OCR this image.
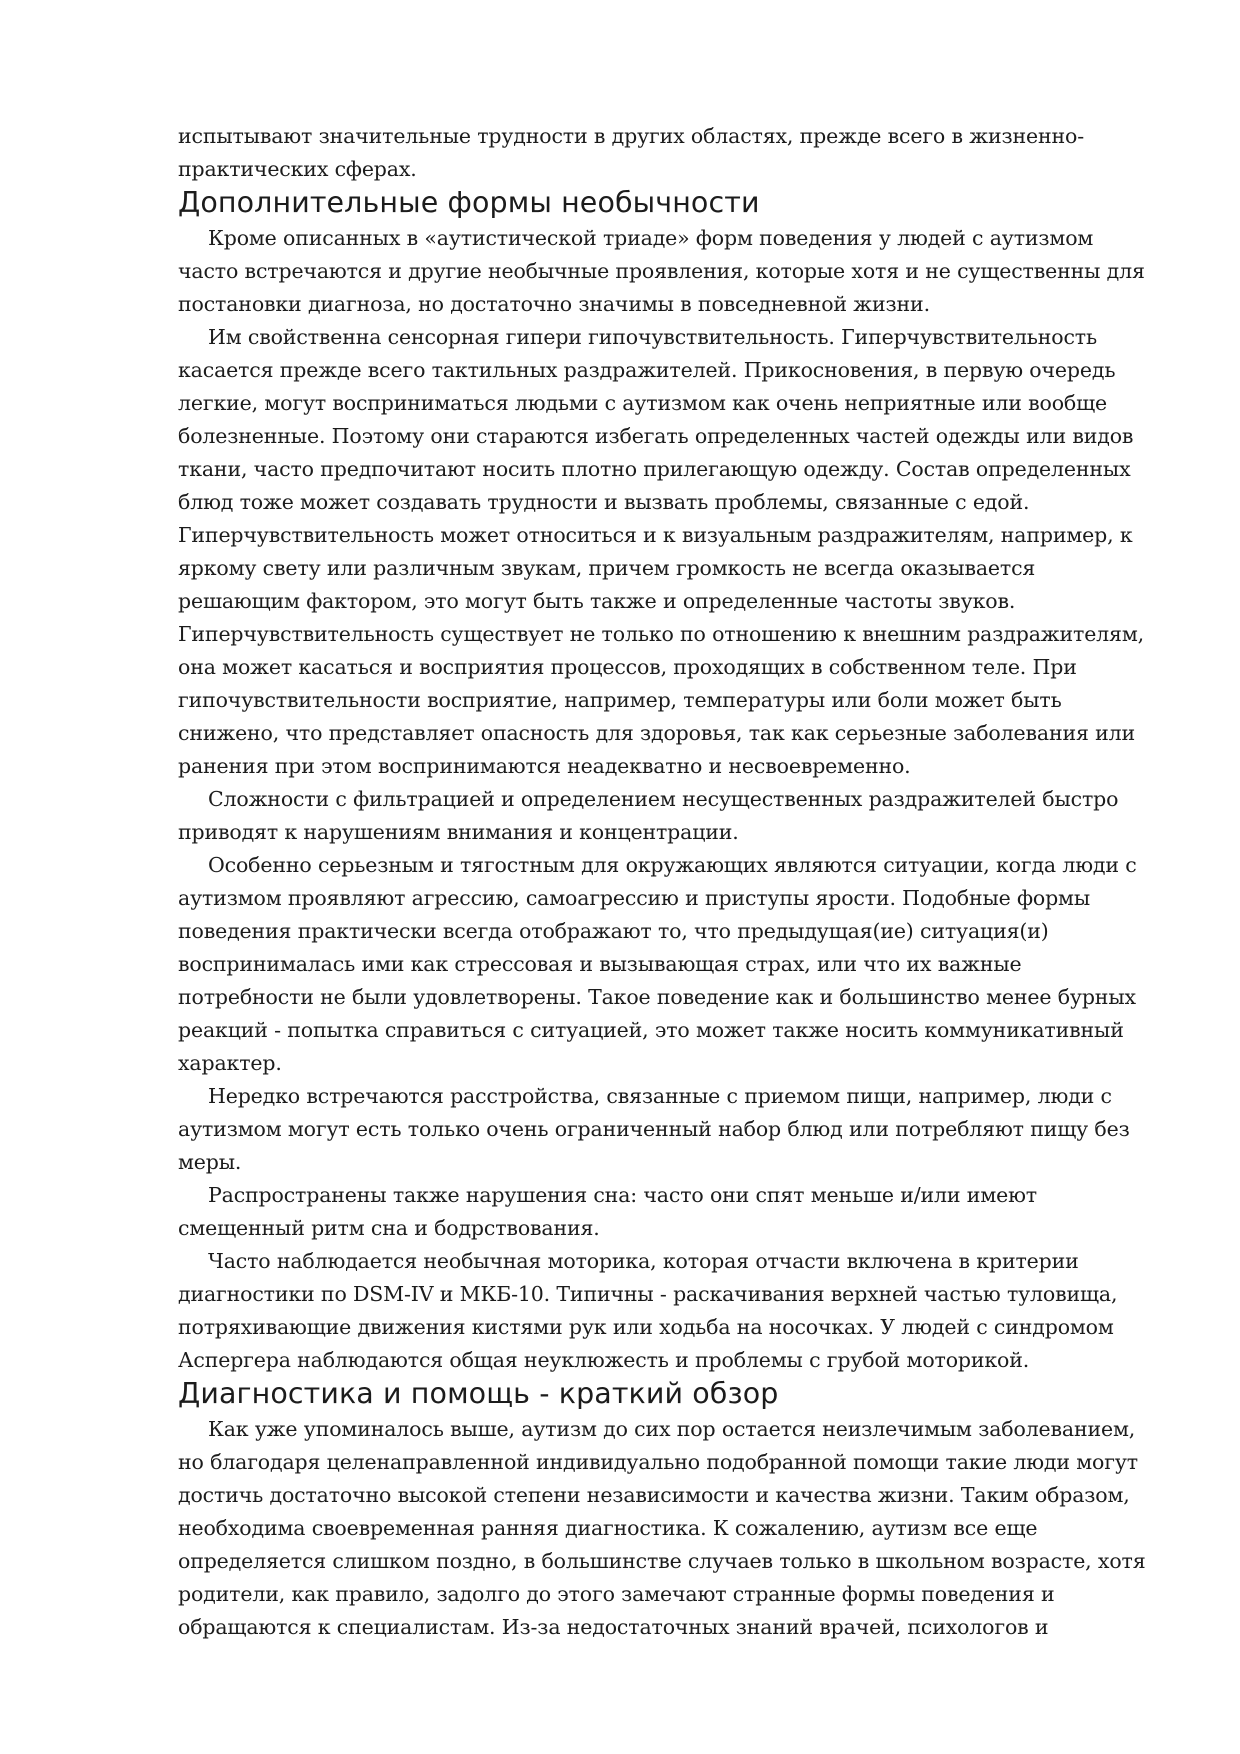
испытывают значительные трудности в других областях, прежде всего в жизненно-практических сферах.

Дополнительные формы необычности

Кроме описанных в «аутистической триаде» форм поведения у людей с аутизмом часто встречаются и другие необычные проявления, которые хотя и не существенны для постановки диагноза, но достаточно значимы в повседневной жизни.

Им свойственна сенсорная гипери гипочувствительность. Гиперчувствительность касается прежде всего тактильных раздражителей. Прикосновения, в первую очередь легкие, могут восприниматься людьми с аутизмом как очень неприятные или вообще болезненные. Поэтому они стараются избегать определенных частей одежды или видов ткани, часто предпочитают носить плотно прилегающую одежду. Состав определенных блюд тоже может создавать трудности и вызвать проблемы, связанные с едой. Гиперчувствительность может относиться и к визуальным раздражителям, например, к яркому свету или различным звукам, причем громкость не всегда оказывается решающим фактором, это могут быть также и определенные частоты звуков. Гиперчувствительность существует не только по отношению к внешним раздражителям, она может касаться и восприятия процессов, проходящих в собственном теле. При гипочувствительности восприятие, например, температуры или боли может быть снижено, что представляет опасность для здоровья, так как серьезные заболевания или ранения при этом воспринимаются неадекватно и несвоевременно.

Сложности с фильтрацией и определением несущественных раздражителей быстро приводят к нарушениям внимания и концентрации.

Особенно серьезным и тягостным для окружающих являются ситуации, когда люди с аутизмом проявляют агрессию, самоагрессию и приступы ярости. Подобные формы поведения практически всегда отображают то, что предыдущая(ие) ситуация(и) воспринималась ими как стрессовая и вызывающая страх, или что их важные потребности не были удовлетворены. Такое поведение как и большинство менее бурных реакций - попытка справиться с ситуацией, это может также носить коммуникативный характер.

Нередко встречаются расстройства, связанные с приемом пищи, например, люди с аутизмом могут есть только очень ограниченный набор блюд или потребляют пищу без меры.

Распространены также нарушения сна: часто они спят меньше и/или имеют смещенный ритм сна и бодрствования.

Часто наблюдается необычная моторика, которая отчасти включена в критерии диагностики по DSM-IV и МКБ-10. Типичны - раскачивания верхней частью туловища, потряхивающие движения кистями рук или ходьба на носочках. У людей с синдромом Аспергера наблюдаются общая неуклюжесть и проблемы с грубой моторикой.

Диагностика и помощь - краткий обзор

Как уже упоминалось выше, аутизм до сих пор остается неизлечимым заболеванием, но благодаря целенаправленной индивидуально подобранной помощи такие люди могут достичь достаточно высокой степени независимости и качества жизни. Таким образом, необходима своевременная ранняя диагностика. К сожалению, аутизм все еще определяется слишком поздно, в большинстве случаев только в школьном возрасте, хотя родители, как правило, задолго до этого замечают странные формы поведения и обращаются к специалистам. Из-за недостаточных знаний врачей, психологов и
